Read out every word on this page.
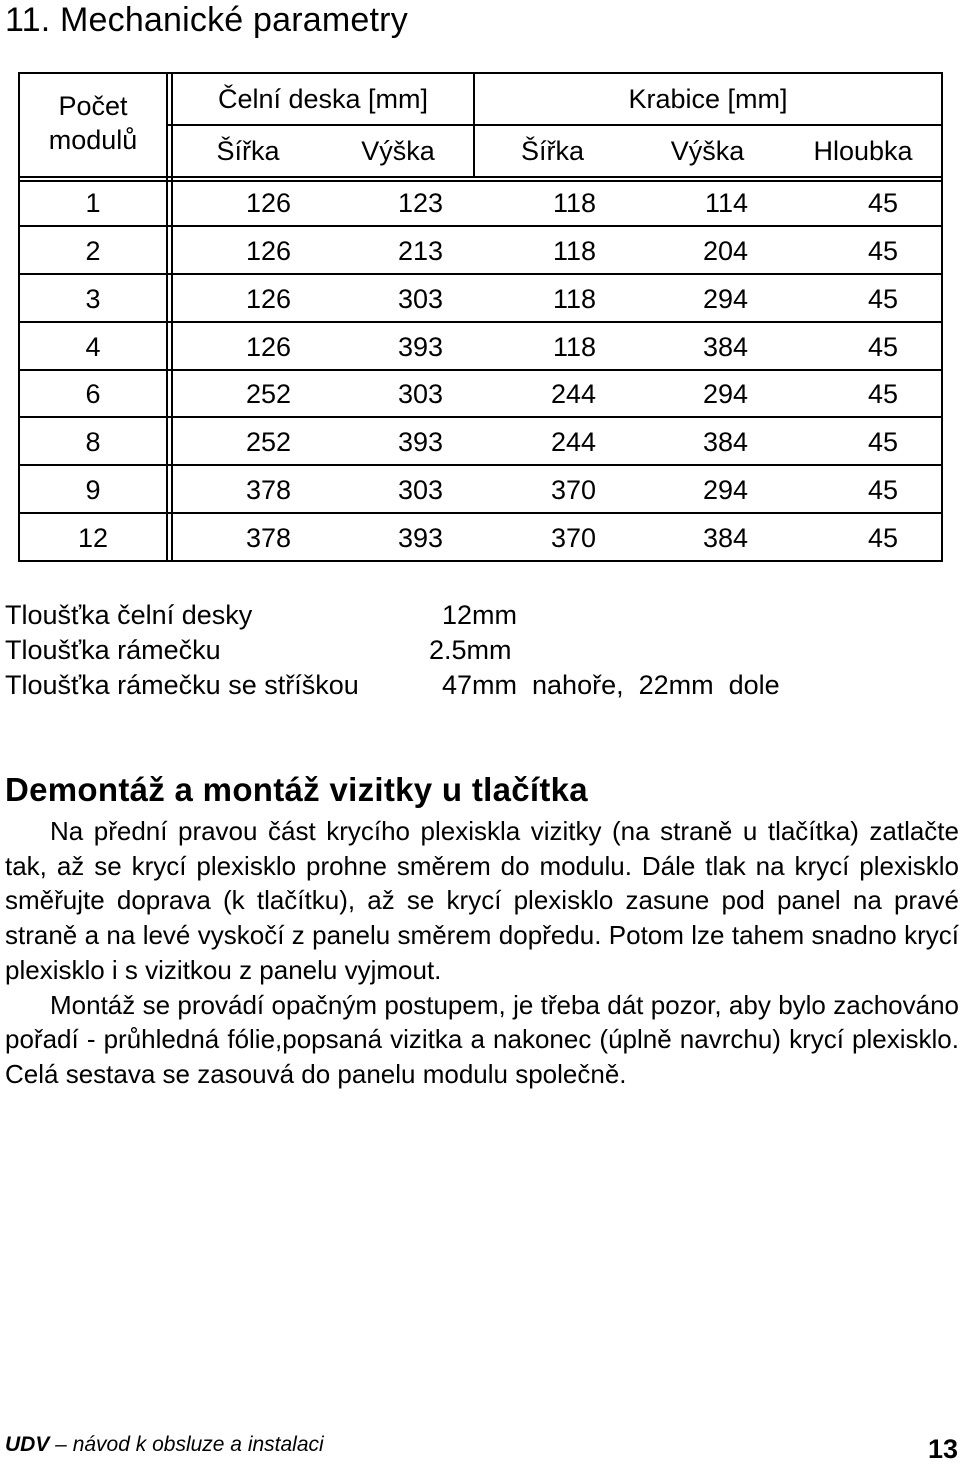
11. Mechanické parametry
Počet
modulů
Čelní deska [mm]	Krabice [mm]
Šířka	Výška	Šířka	Výška	Hloubka
1	126	123	118	114	45
2	126	213	118	204	45
3	126	303	118	294	45
4	126	393	118	384	45
6	252	303	244	294	45
8	252	393	244	384	45
9	378	303	370	294	45
12	378	393	370	384	45
Tloušťka čelní desky	12mm
Tloušťka rámečku	2.5mm
Tloušťka rámečku se stříškou	47mm  nahoře,  22mm  dole
Demontáž a montáž vizitky u tlačítka

Na přední pravou část krycího plexiskla vizitky (na straně u tlačítka) zatlačte tak, až se krycí plexisklo prohne směrem do modulu. Dále tlak na krycí plexisklo směřujte doprava (k tlačítku), až se krycí plexisklo zasune pod panel na pravé straně a na levé vyskočí z panelu směrem dopředu. Potom lze tahem snadno krycí plexisklo i s vizitkou z panelu vyjmout.

Montáž se provádí opačným postupem, je třeba dát pozor, aby bylo zachováno pořadí - průhledná fólie,popsaná vizitka a nakonec (úplně navrchu) krycí plexisklo. Celá sestava se zasouvá do panelu modulu společně.

UDV – návod k obsluze a instalaci	13
